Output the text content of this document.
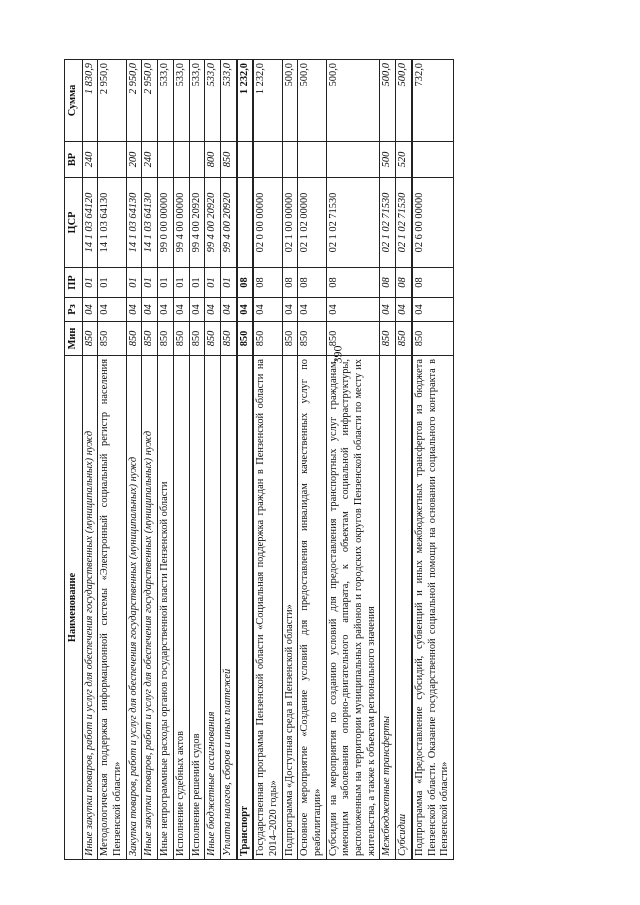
390
Наименование	Мин	Рз	ПР	ЦСР	ВР	Сумма
Иные закупки товаров, работ и услуг для обеспечения государственных (муниципальных) нужд	850	04	01	14 1 03 64120	240	1 830,9
Методологическая поддержка информационной системы «Электронный социальный регистр населения Пензенской области»	850	04	01	14 1 03 64130		2 950,0
Закупка товаров, работ и услуг для обеспечения государственных (муниципальных) нужд	850	04	01	14 1 03 64130	200	2 950,0
Иные закупки товаров, работ и услуг для обеспечения государственных (муниципальных) нужд	850	04	01	14 1 03 64130	240	2 950,0
Иные непрограммные расходы органов государственной власти Пензенской области	850	04	01	99 0 00 00000		533,0
Исполнение судебных актов	850	04	01	99 4 00 00000		533,0
Исполнение решений судов	850	04	01	99 4 00 20920		533,0
Иные бюджетные ассигнования	850	04	01	99 4 00 20920	800	533,0
Уплата налогов, сборов и иных платежей	850	04	01	99 4 00 20920	850	533,0
Транспорт	850	04	08			1 232,0
Государственная программа Пензенской области «Социальная поддержка граждан в Пензенской области на 2014–2020 годы»	850	04	08	02 0 00 00000		1 232,0
Подпрограмма «Доступная среда в Пензенской области»	850	04	08	02 1 00 00000		500,0
Основное мероприятие «Создание условий для предоставления инвалидам качественных услуг по реабилитации»	850	04	08	02 1 02 00000		500,0
Субсидии на мероприятия по созданию условий для предоставления транспортных услуг гражданам, имеющим заболевания опорно-двигательного аппарата, к объектам социальной инфраструктуры, расположенным на территории муниципальных районов и городских округов Пензенской области по месту их жительства, а также к объектам регионального значения	850	04	08	02 1 02 71530		500,0
Межбюджетные трансферты	850	04	08	02 1 02 71530	500	500,0
Субсидии	850	04	08	02 1 02 71530	520	500,0
Подпрограмма «Предоставление субсидий, субвенций и иных межбюджетных трансфертов из бюджета Пензенской области. Оказание государственной социальной помощи на основании социального контракта в Пензенской области»	850	04	08	02 6 00 00000		732,0
